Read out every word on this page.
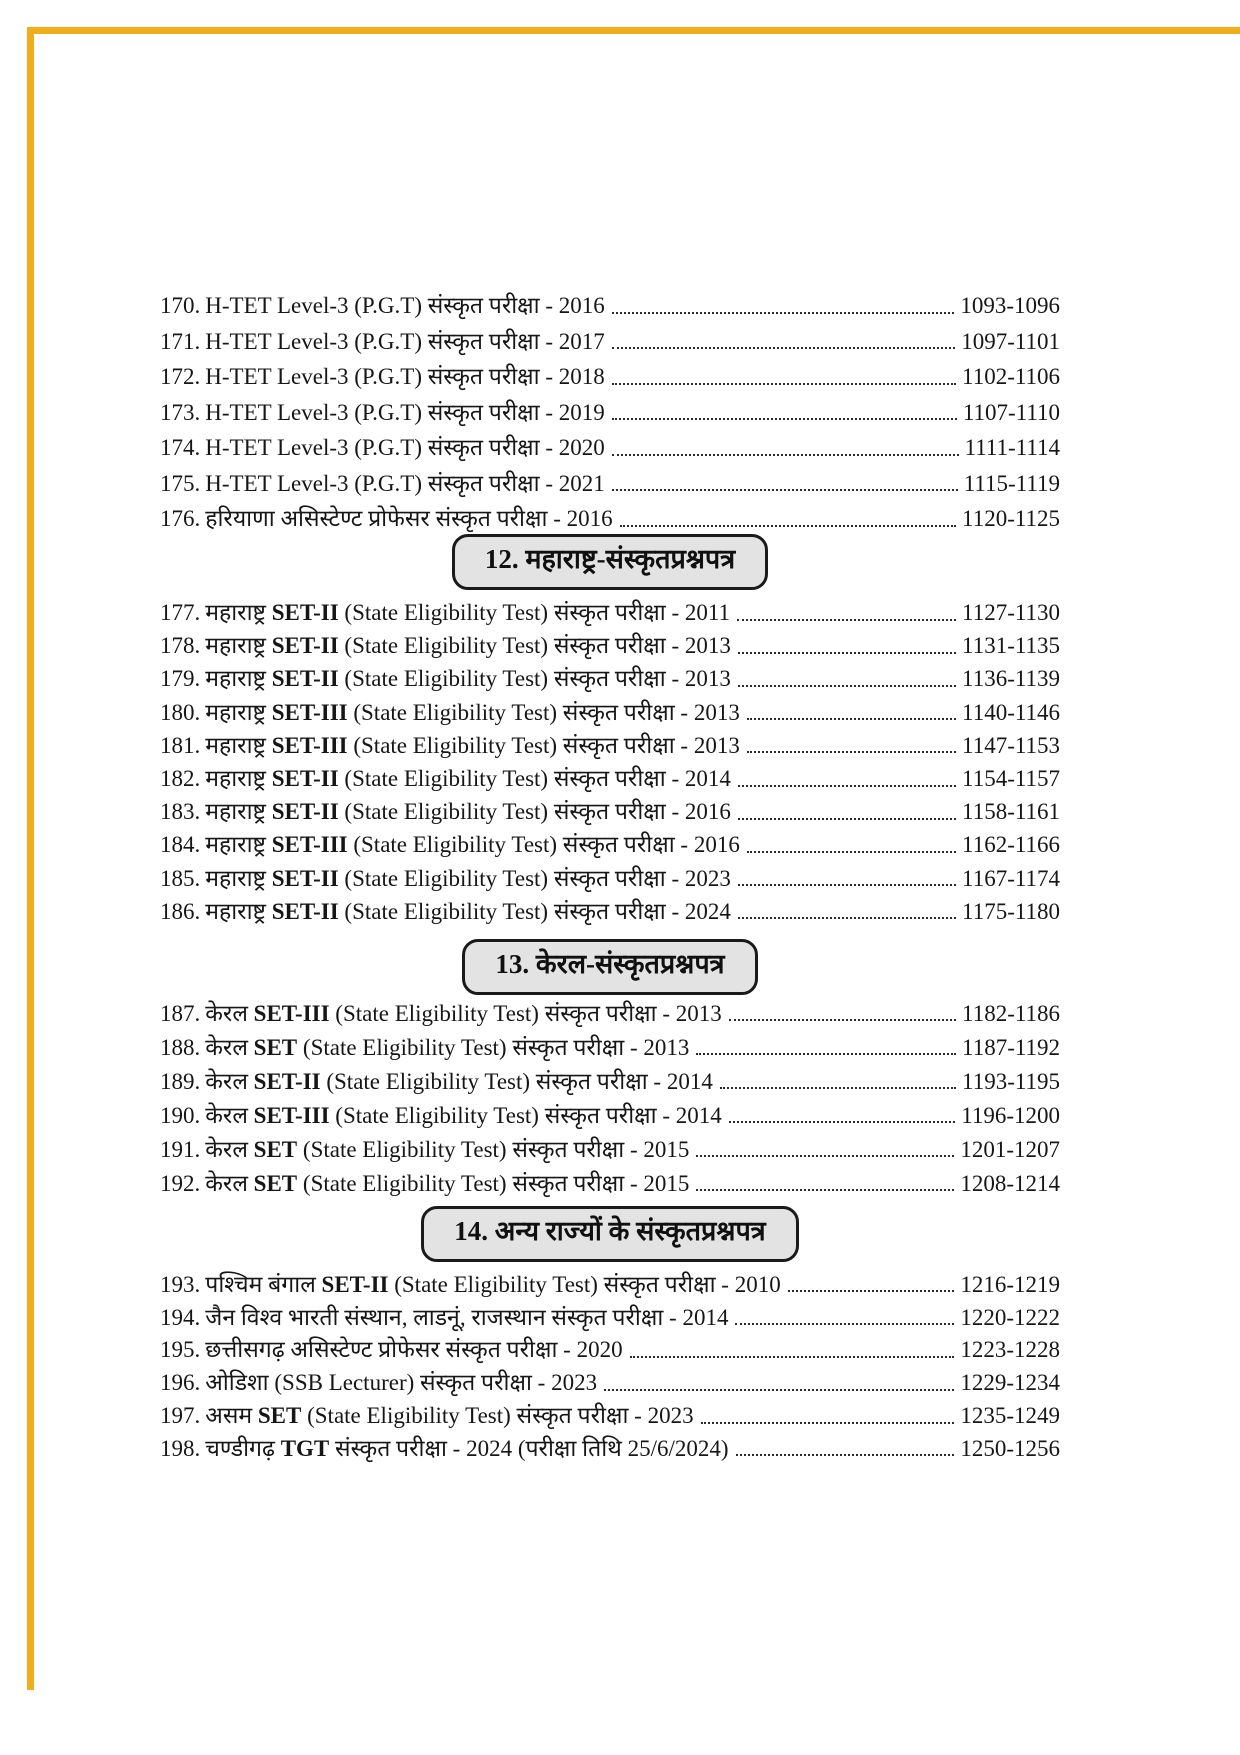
170. H-TET Level-3 (P.G.T) संस्कृत परीक्षा - 2016	1093-1096
171. H-TET Level-3 (P.G.T) संस्कृत परीक्षा - 2017	1097-1101
172. H-TET Level-3 (P.G.T) संस्कृत परीक्षा - 2018	1102-1106
173. H-TET Level-3 (P.G.T) संस्कृत परीक्षा - 2019	1107-1110
174. H-TET Level-3 (P.G.T) संस्कृत परीक्षा - 2020	1111-1114
175. H-TET Level-3 (P.G.T) संस्कृत परीक्षा - 2021	1115-1119
176. हरियाणा असिस्टेण्ट प्रोफेसर संस्कृत परीक्षा - 2016	1120-1125
12. महाराष्ट्र-संस्कृतप्रश्नपत्र
177. महाराष्ट्र SET-II (State Eligibility Test) संस्कृत परीक्षा - 2011	1127-1130
178. महाराष्ट्र SET-II (State Eligibility Test) संस्कृत परीक्षा - 2013	1131-1135
179. महाराष्ट्र SET-II (State Eligibility Test) संस्कृत परीक्षा - 2013	1136-1139
180. महाराष्ट्र SET-III (State Eligibility Test) संस्कृत परीक्षा - 2013	1140-1146
181. महाराष्ट्र SET-III (State Eligibility Test) संस्कृत परीक्षा - 2013	1147-1153
182. महाराष्ट्र SET-II (State Eligibility Test) संस्कृत परीक्षा - 2014	1154-1157
183. महाराष्ट्र SET-II (State Eligibility Test) संस्कृत परीक्षा - 2016	1158-1161
184. महाराष्ट्र SET-III (State Eligibility Test) संस्कृत परीक्षा - 2016	1162-1166
185. महाराष्ट्र SET-II (State Eligibility Test) संस्कृत परीक्षा - 2023	1167-1174
186. महाराष्ट्र SET-II (State Eligibility Test) संस्कृत परीक्षा - 2024	1175-1180
13. केरल-संस्कृतप्रश्नपत्र
187. केरल SET-III (State Eligibility Test) संस्कृत परीक्षा - 2013	1182-1186
188. केरल SET (State Eligibility Test) संस्कृत परीक्षा - 2013	1187-1192
189. केरल SET-II (State Eligibility Test) संस्कृत परीक्षा - 2014	1193-1195
190. केरल SET-III (State Eligibility Test) संस्कृत परीक्षा - 2014	1196-1200
191. केरल SET (State Eligibility Test) संस्कृत परीक्षा - 2015	1201-1207
192. केरल SET (State Eligibility Test) संस्कृत परीक्षा - 2015	1208-1214
14. अन्य राज्यों के संस्कृतप्रश्नपत्र
193. पश्चिम बंगाल SET-II (State Eligibility Test) संस्कृत परीक्षा - 2010	1216-1219
194. जैन विश्व भारती संस्थान, लाडनूं, राजस्थान संस्कृत परीक्षा - 2014	1220-1222
195. छत्तीसगढ़ असिस्टेण्ट प्रोफेसर संस्कृत परीक्षा - 2020	1223-1228
196. ओडिशा (SSB Lecturer) संस्कृत परीक्षा - 2023	1229-1234
197. असम SET (State Eligibility Test) संस्कृत परीक्षा - 2023	1235-1249
198. चण्डीगढ़ TGT संस्कृत परीक्षा - 2024 (परीक्षा तिथि 25/6/2024)	1250-1256
